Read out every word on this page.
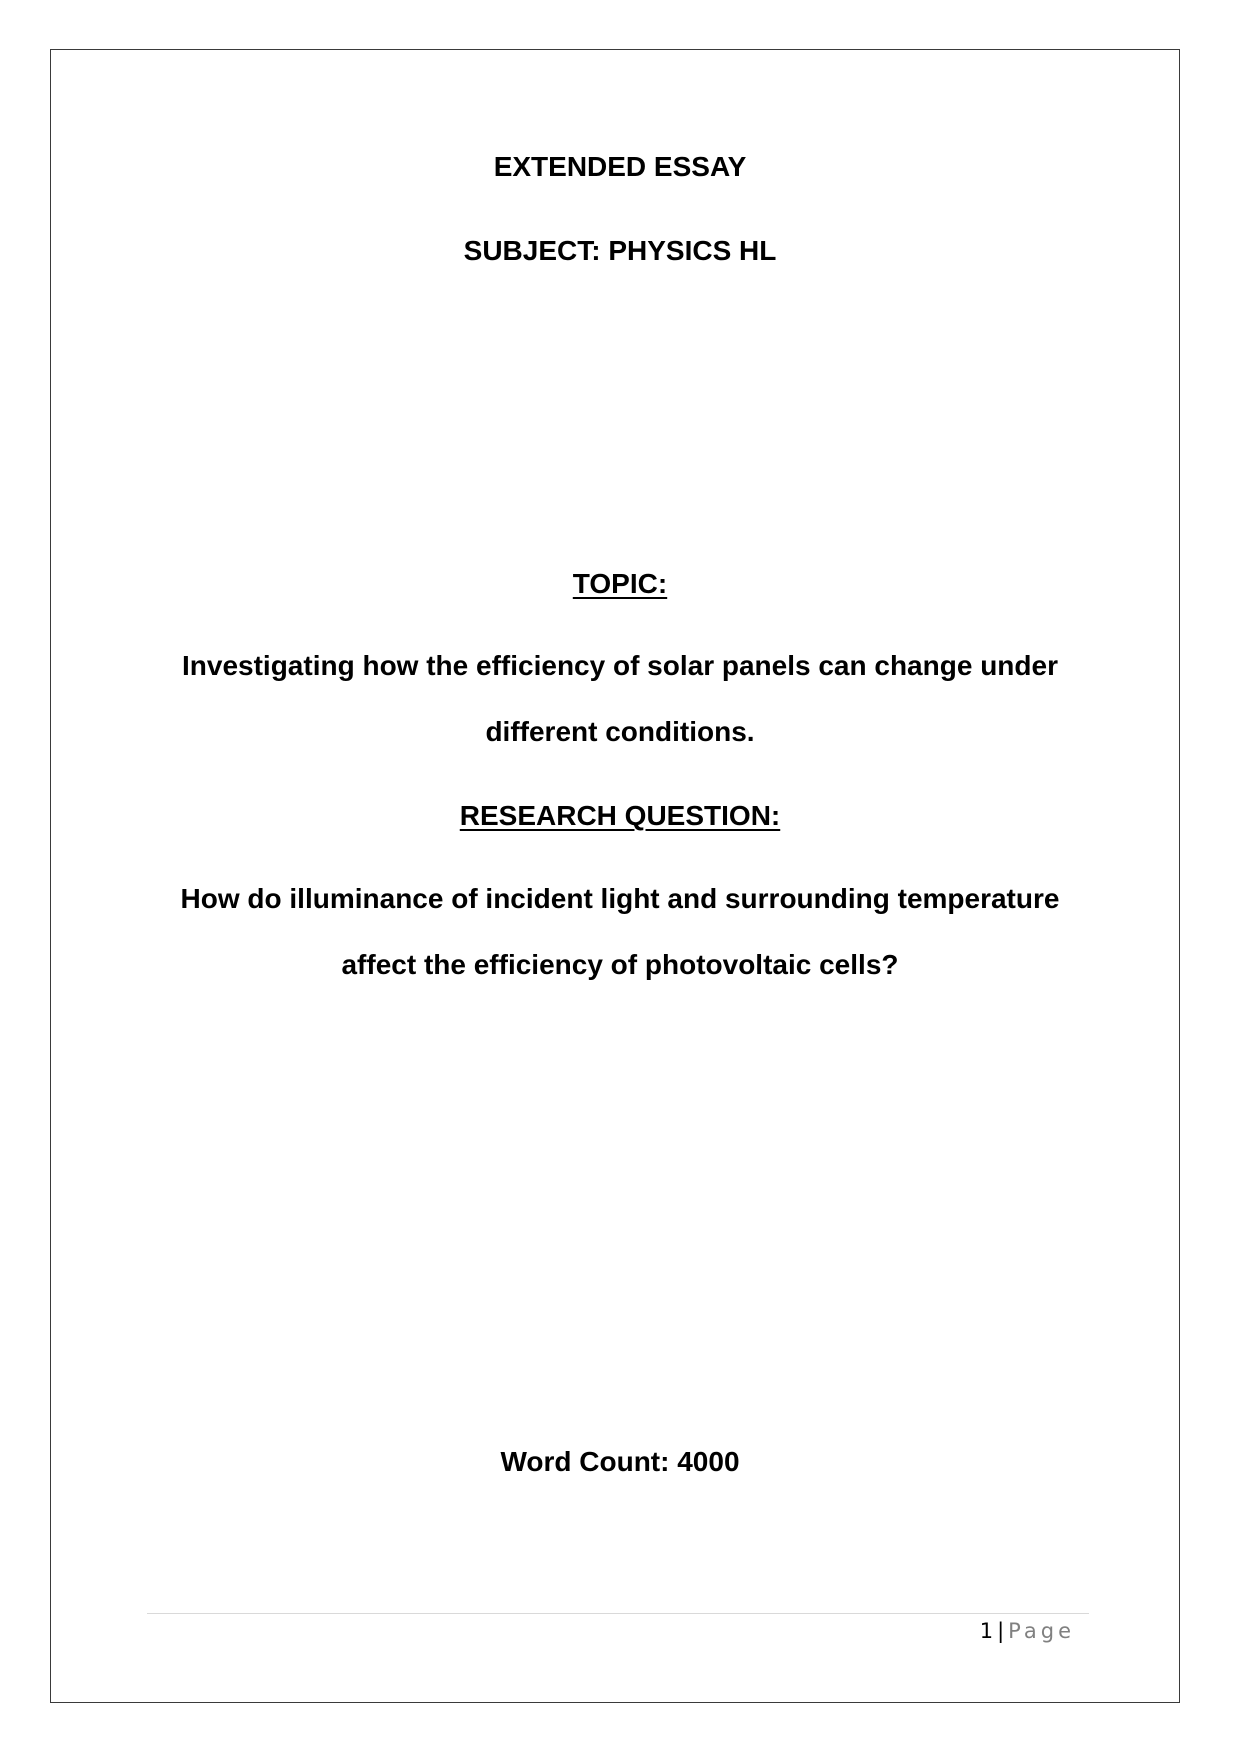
EXTENDED ESSAY
SUBJECT: PHYSICS HL
TOPIC:
Investigating how the efficiency of solar panels can change under
different conditions.
RESEARCH QUESTION:
How do illuminance of incident light and surrounding temperature
affect the efficiency of photovoltaic cells?
Word Count: 4000
1 | Page
